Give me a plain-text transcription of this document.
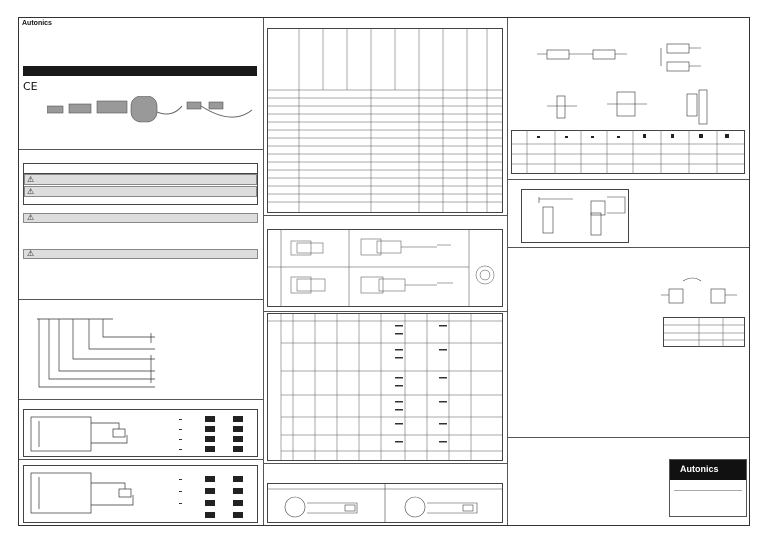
Autonics
CE
⚠
⚠
⚠
⚠
Autonics
